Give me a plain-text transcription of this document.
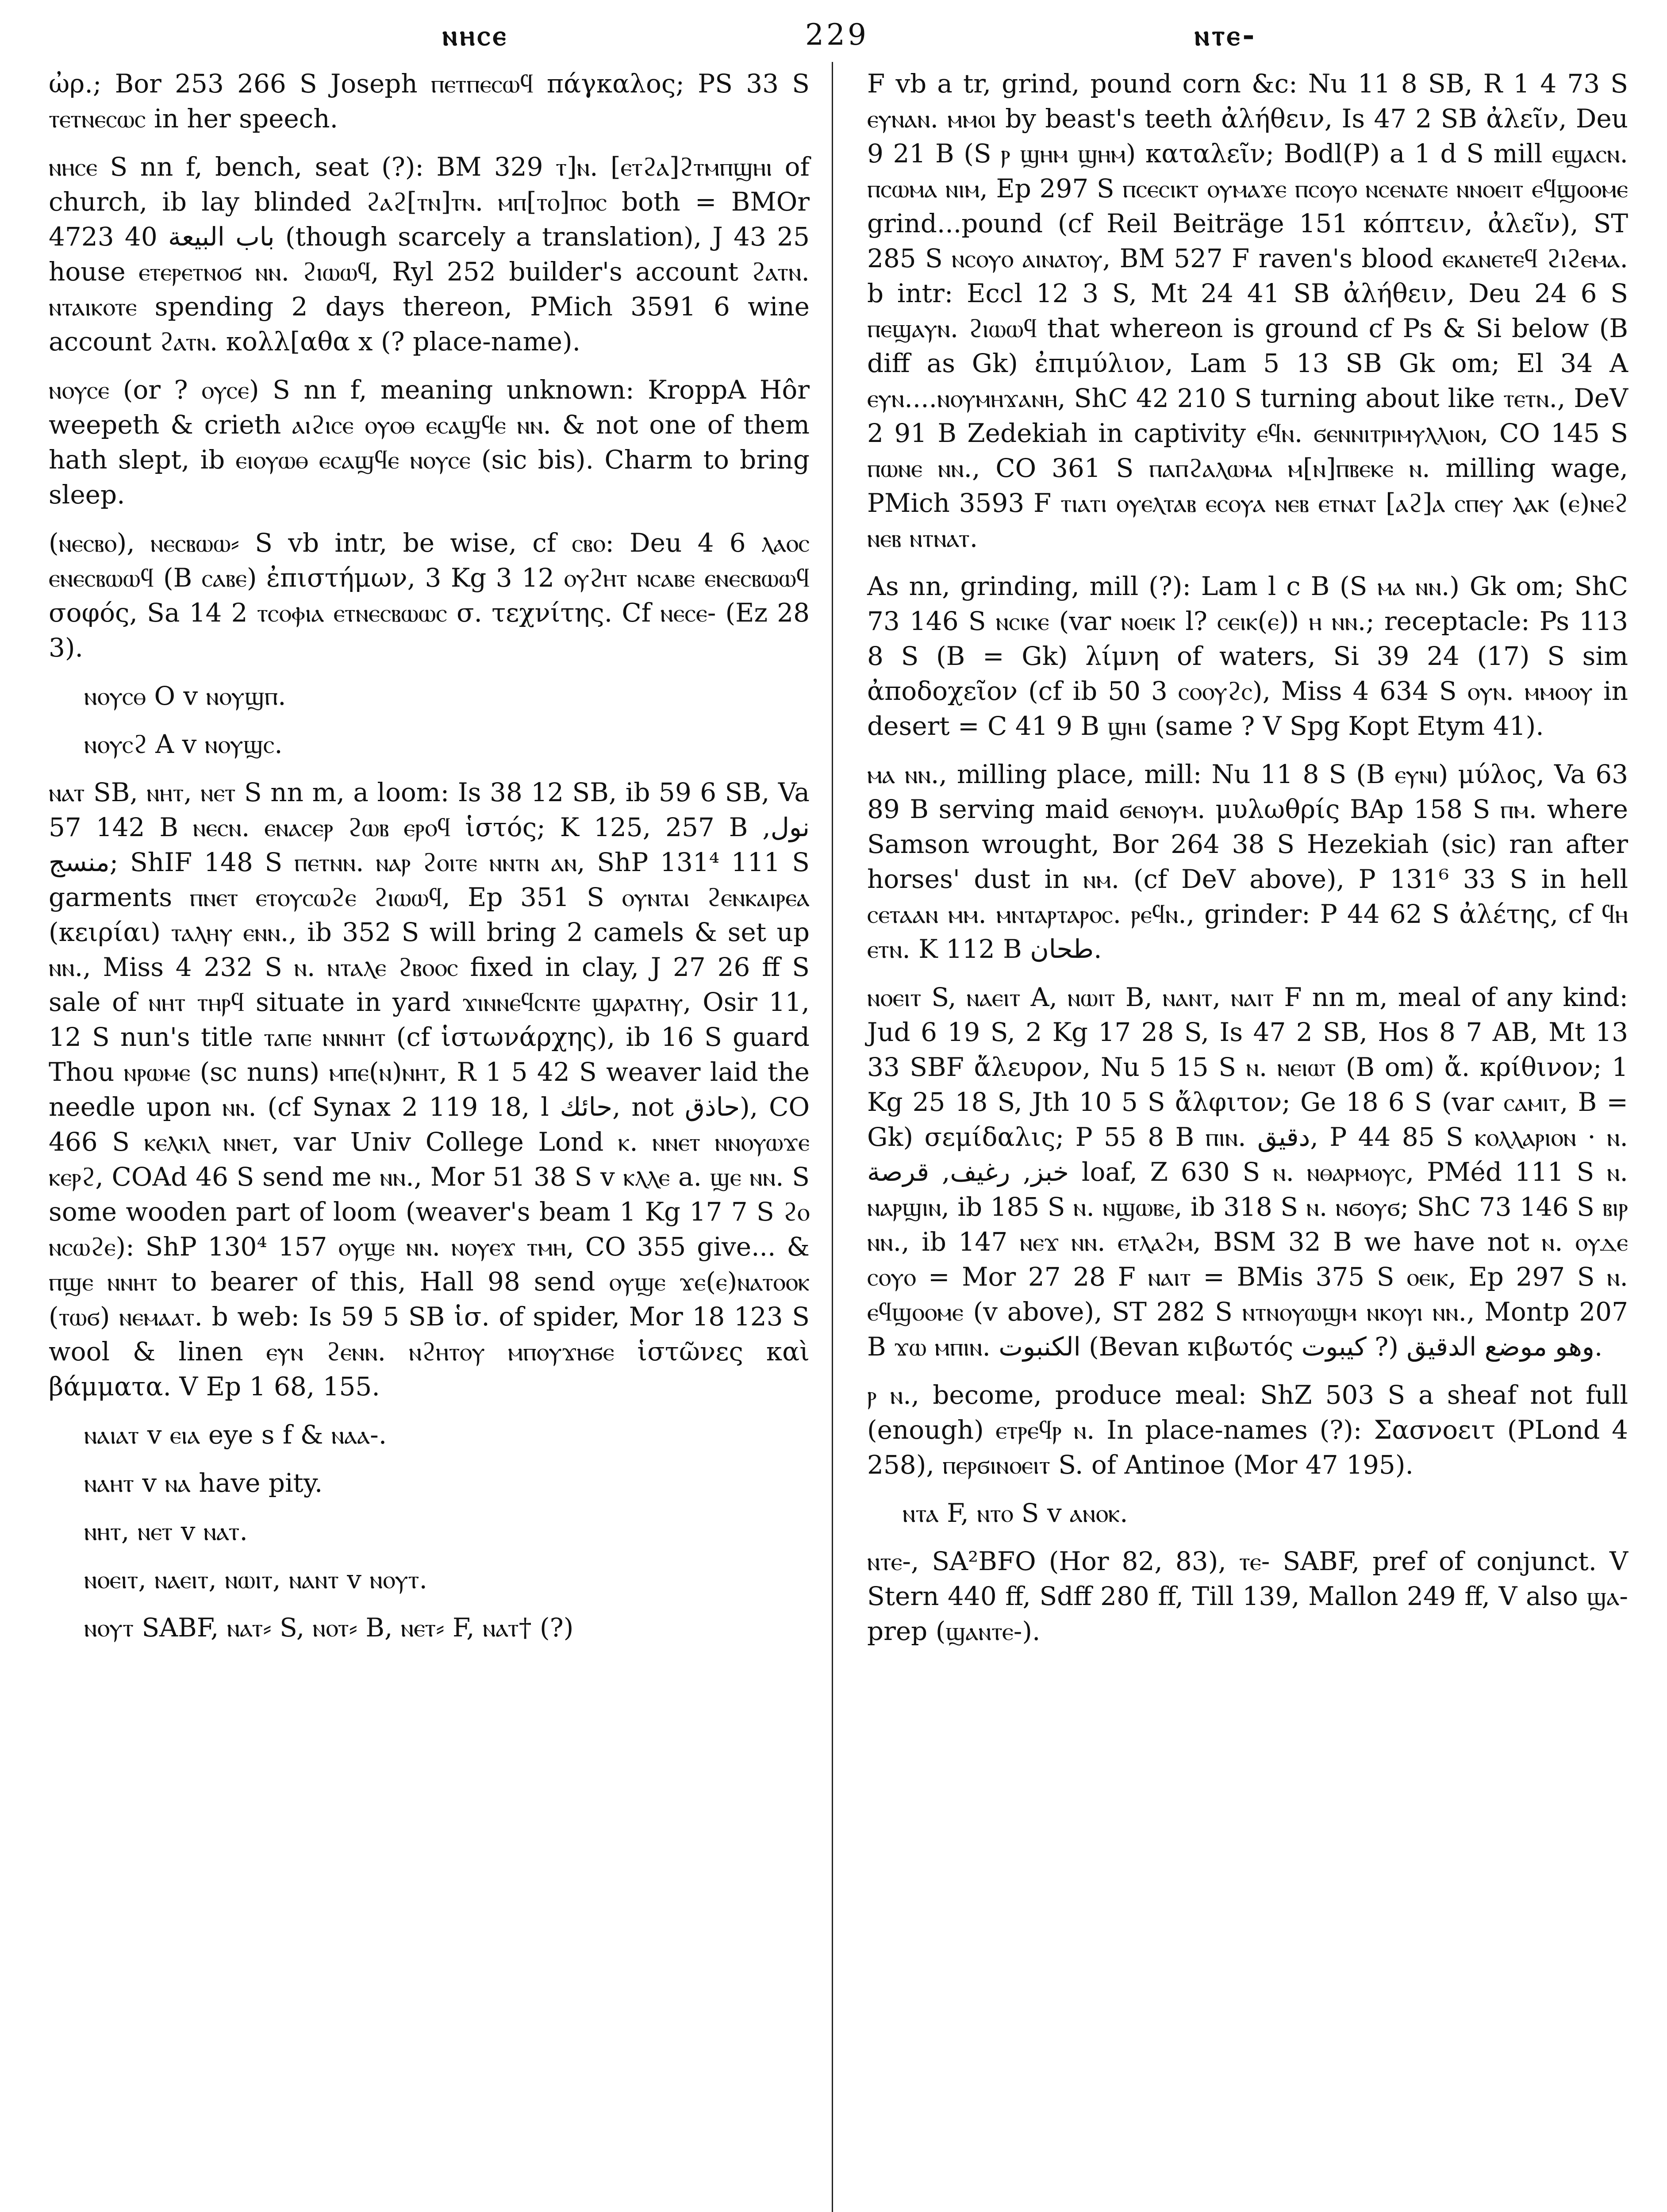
ⲛⲏⲥⲉ	229	ⲛⲧⲉ-

ὠρ.; Bor 253 266 S Joseph ⲡⲉⲧⲡⲉⲥⲱϥ πάγκαλος; PS 33 S ⲧⲉⲧⲛⲉⲥⲱⲥ in her speech.

ⲛⲏⲥⲉ S nn f, bench, seat (?): BM 329 ⲧ]ⲛ. [ⲉⲧϩⲁ]ϩⲧⲙⲡϣⲏⲓ of church, ib lay blinded ϩⲁϩ[ⲧⲛ]ⲧⲛ. ⲙⲡ[ⲧⲟ]ⲡⲟⲥ both = BMOr 4723 40 باب البيعة (though scarcely a translation), J 43 25 house ⲉⲧⲉⲣⲉⲧⲛⲟϭ ⲛⲛ. ϩⲓⲱⲱϥ, Ryl 252 builder's account ϩⲁⲧⲛ. ⲛⲧⲁⲓⲕⲟⲧⲉ spending 2 days thereon, PMich 3591 6 wine account ϩⲁⲧⲛ. κολλ[αθα x (? place-name).

ⲛⲟⲩⲥⲉ (or ? ⲟⲩⲥⲉ) S nn f, meaning unknown: KroppA Hôr weepeth & crieth ⲁⲓϩⲓⲥⲉ ⲟⲩⲟⲑ ⲉⲥⲁϣϥⲉ ⲛⲛ. & not one of them hath slept, ib ⲉⲓⲟⲩⲱⲑ ⲉⲥⲁϣϥⲉ ⲛⲟⲩⲥⲉ (sic bis). Charm to bring sleep.

(ⲛⲉⲥⲃⲟ), ⲛⲉⲥⲃⲱⲱ⸗ S vb intr, be wise, cf ⲥⲃⲟ: Deu 4 6 ⲗⲁⲟⲥ ⲉⲛⲉⲥⲃⲱⲱϥ (B ⲥⲁⲃⲉ) ἐπιστήμων, 3 Kg 3 12 ⲟⲩϩⲏⲧ ⲛⲥⲁⲃⲉ ⲉⲛⲉⲥⲃⲱⲱϥ σοφός, Sa 14 2 ⲧⲥⲟⲫⲓⲁ ⲉⲧⲛⲉⲥⲃⲱⲱⲥ σ. τεχνίτης. Cf ⲛⲉⲥⲉ- (Ez 28 3).

ⲛⲟⲩⲥⲑ O v ⲛⲟⲩϣⲡ.

ⲛⲟⲩⲥϩ A v ⲛⲟⲩϣⲥ.

ⲛⲁⲧ SB, ⲛⲏⲧ, ⲛⲉⲧ S nn m, a loom: Is 38 12 SB, ib 59 6 SB, Va 57 142 B ⲛⲉⲥⲛ. ⲉⲛⲁⲥⲉⲣ ϩⲱⲃ ⲉⲣⲟϥ ἱστός; K 125, 257 B نول, منسج; ShIF 148 S ⲡⲉⲧⲛⲛ. ⲛⲁⲣ ϩⲟⲓⲧⲉ ⲛⲛⲧⲛ ⲁⲛ, ShP 131⁴ 111 S garments ⲡⲛⲉⲧ ⲉⲧⲟⲩⲥⲱϩⲉ ϩⲓⲱⲱϥ, Ep 351 S ⲟⲩⲛⲧⲁⲓ ϩⲉⲛⲕⲁⲓⲣⲉⲁ (κειρίαι) ⲧⲁⲗⲏⲩ ⲉⲛⲛ., ib 352 S will bring 2 camels & set up ⲛⲛ., Miss 4 232 S ⲛ. ⲛⲧⲁⲗⲉ ϩⲃⲟⲟⲥ fixed in clay, J 27 26 ff S sale of ⲛⲏⲧ ⲧⲏⲣϥ situate in yard ϫⲓⲛⲛⲉϥⲥⲛⲧⲉ ϣⲁⲣⲁⲧⲏⲩ, Osir 11, 12 S nun's title ⲧⲁⲡⲉ ⲛⲛⲛⲏⲧ (cf ἱστωνάρχης), ib 16 S guard Thou ⲛⲣⲱⲙⲉ (sc nuns) ⲙⲡⲉ(ⲛ)ⲛⲏⲧ, R 1 5 42 S weaver laid the needle upon ⲛⲛ. (cf Synax 2 119 18, l حائك, not حاذق), CO 466 S ⲕⲉⲗⲕⲓⲗ ⲛⲛⲉⲧ, var Univ College Lond ⲕ. ⲛⲛⲉⲧ ⲛⲛⲟⲩⲱϫⲉ ⲕⲉⲣϩ, COAd 46 S send me ⲛⲛ., Mor 51 38 S v ⲕⲗⲗⲉ a. ϣⲉ ⲛⲛ. S some wooden part of loom (weaver's beam 1 Kg 17 7 S ϩⲟ ⲛⲥⲱϩⲉ): ShP 130⁴ 157 ⲟⲩϣⲉ ⲛⲛ. ⲛⲟⲩⲉϫ ⲧⲙⲏ, CO 355 give... & ⲡϣⲉ ⲛⲛⲏⲧ to bearer of this, Hall 98 send ⲟⲩϣⲉ ϫⲉ(ⲉ)ⲛⲁⲧⲟⲟⲕ (ⲧⲱϭ) ⲛⲉⲙⲁⲁⲧ. b web: Is 59 5 SB ἱσ. of spider, Mor 18 123 S wool & linen ⲉⲩⲛ ϩⲉⲛⲛ. ⲛϩⲏⲧⲟⲩ ⲙⲡⲟⲩϫⲏϭⲉ ἱστῶνες καὶ βάμματα. V Ep 1 68, 155.

ⲛⲁⲓⲁⲧ v ⲉⲓⲁ eye s f & ⲛⲁⲁ-.

ⲛⲁⲏⲧ v ⲛⲁ have pity.

ⲛⲏⲧ, ⲛⲉⲧ v ⲛⲁⲧ.

ⲛⲟⲉⲓⲧ, ⲛⲁⲉⲓⲧ, ⲛⲱⲓⲧ, ⲛⲁⲛⲧ v ⲛⲟⲩⲧ.

ⲛⲟⲩⲧ SABF, ⲛⲁⲧ⸗ S, ⲛⲟⲧ⸗ B, ⲛⲉⲧ⸗ F, ⲛⲁⲧ† (?)

F vb a tr, grind, pound corn &c: Nu 11 8 SB, R 1 4 73 S ⲉⲩⲛⲁⲛ. ⲙⲙⲟⲓ by beast's teeth ἀλήθειν, Is 47 2 SB ἀλεῖν, Deu 9 21 B (S ⲣ ϣⲏⲙ ϣⲏⲙ) καταλεῖν; Bodl(P) a 1 d S mill ⲉϣⲁⲥⲛ. ⲡⲥⲱⲙⲁ ⲛⲓⲙ, Ep 297 S ⲡⲥⲉⲥⲓⲕⲧ ⲟⲩⲙⲁϫⲉ ⲡⲥⲟⲩⲟ ⲛⲥⲉⲛⲁⲧⲉ ⲛⲛⲟⲉⲓⲧ ⲉϥϣⲟⲟⲙⲉ grind...pound (cf Reil Beiträge 151 κόπτειν, ἀλεῖν), ST 285 S ⲛⲥⲟⲩⲟ ⲁⲓⲛⲁⲧⲟⲩ, BM 527 F raven's blood ⲉⲕⲁⲛⲉⲧⲉϥ ϩⲓϩⲉⲙⲁ. b intr: Eccl 12 3 S, Mt 24 41 SB ἀλήθειν, Deu 24 6 S ⲡⲉϣⲁⲩⲛ. ϩⲓⲱⲱϥ that whereon is ground cf Ps & Si below (B diff as Gk) ἐπιμύλιον, Lam 5 13 SB Gk om; El 34 A ⲉⲩⲛ....ⲛⲟⲩⲙⲏϫⲁⲛⲏ, ShC 42 210 S turning about like ⲧⲉⲧⲛ., DeV 2 91 B Zedekiah in captivity ⲉϥⲛ. ϭⲉⲛⲛⲓⲧⲣⲓⲙⲩⲗⲗⲓⲟⲛ, CO 145 S ⲡⲱⲛⲉ ⲛⲛ., CO 361 S ⲡⲁⲡϩⲁⲗⲱⲙⲁ ⲙ[ⲛ]ⲡⲃⲉⲕⲉ ⲛ. milling wage, PMich 3593 F ⲧⲓⲁⲧⲓ ⲟⲩⲉⲗⲧⲁⲃ ⲉⲥⲟⲩⲁ ⲛⲉⲃ ⲉⲧⲛⲁⲧ [ⲁϩ]ⲁ ⲥⲡⲉⲩ ⲗⲁⲕ (ⲉ)ⲛⲉϩ ⲛⲉⲃ ⲛⲧⲛⲁⲧ.

As nn, grinding, mill (?): Lam l c B (S ⲙⲁ ⲛⲛ.) Gk om; ShC 73 146 S ⲛⲥⲓⲕⲉ (var ⲛⲟⲉⲓⲕ l? ⲥⲉⲓⲕ(ⲉ)) ⲏ ⲛⲛ.; receptacle: Ps 113 8 S (B = Gk) λίμνη of waters, Si 39 24 (17) S sim ἀποδοχεῖον (cf ib 50 3 ⲥⲟⲟⲩϩⲥ), Miss 4 634 S ⲟⲩⲛ. ⲙⲙⲟⲟⲩ in desert = C 41 9 B ϣⲏⲓ (same ? V Spg Kopt Etym 41).

ⲙⲁ ⲛⲛ., milling place, mill: Nu 11 8 S (B ⲉⲩⲛⲓ) μύλος, Va 63 89 B serving maid ϭⲉⲛⲟⲩⲙ. μυλωθρίς BAp 158 S ⲡⲙ. where Samson wrought, Bor 264 38 S Hezekiah (sic) ran after horses' dust in ⲛⲙ. (cf DeV above), P 131⁶ 33 S in hell ⲥⲉⲧⲁⲁⲛ ⲙⲙ. ⲙⲛⲧⲁⲣⲧⲁⲣⲟⲥ. ⲣⲉϥⲛ., grinder: P 44 62 S ἀλέτης, cf ϥⲏ ⲉⲧⲛ. K 112 B طحان.

ⲛⲟⲉⲓⲧ S, ⲛⲁⲉⲓⲧ A, ⲛⲱⲓⲧ B, ⲛⲁⲛⲧ, ⲛⲁⲓⲧ F nn m, meal of any kind: Jud 6 19 S, 2 Kg 17 28 S, Is 47 2 SB, Hos 8 7 AB, Mt 13 33 SBF ἄλευρον, Nu 5 15 S ⲛ. ⲛⲉⲓⲱⲧ (B om) ἄ. κρίθινον; 1 Kg 25 18 S, Jth 10 5 S ἄλφιτον; Ge 18 6 S (var ⲥⲁⲙⲓⲧ, B = Gk) σεμίδαλις; P 55 8 B ⲡⲓⲛ. دقيق, P 44 85 S ⲕⲟⲗⲗⲁⲣⲓⲟⲛ · ⲛ. خبز, رغيف, قرصة loaf, Z 630 S ⲛ. ⲛⲑⲁⲣⲙⲟⲩⲥ, PMéd 111 S ⲛ. ⲛⲁⲣϣⲓⲛ, ib 185 S ⲛ. ⲛϣⲱⲃⲉ, ib 318 S ⲛ. ⲛϭⲟⲩϭ; ShC 73 146 S ⲃⲓⲣ ⲛⲛ., ib 147 ⲛⲉϫ ⲛⲛ. ⲉⲧⲗⲁϩⲙ, BSM 32 B we have not ⲛ. ⲟⲩⲇⲉ ⲥⲟⲩⲟ = Mor 27 28 F ⲛⲁⲓⲧ = BMis 375 S ⲟⲉⲓⲕ, Ep 297 S ⲛ. ⲉϥϣⲟⲟⲙⲉ (v above), ST 282 S ⲛⲧⲛⲟⲩⲱϣⲙ ⲛⲕⲟⲩⲓ ⲛⲛ., Montp 207 B ϫⲱ ⲙⲡⲓⲛ. الكنبوت (Bevan κιβωτός كيبوت ?) وهو موضع الدقيق.

ⲣ ⲛ., become, produce meal: ShZ 503 S a sheaf not full (enough) ⲉⲧⲣⲉϥⲣ ⲛ. In place-names (?): Σασνοειτ (PLond 4 258), ⲡⲉⲣϭⲓⲛⲟⲉⲓⲧ S. of Antinoe (Mor 47 195).

ⲛⲧⲁ F, ⲛⲧⲟ S v ⲁⲛⲟⲕ.

ⲛⲧⲉ-, SA²BFO (Hor 82, 83), ⲧⲉ- SABF, pref of conjunct. V Stern 440 ff, Sdff 280 ff, Till 139, Mallon 249 ff, V also ϣⲁ- prep (ϣⲁⲛⲧⲉ-).
